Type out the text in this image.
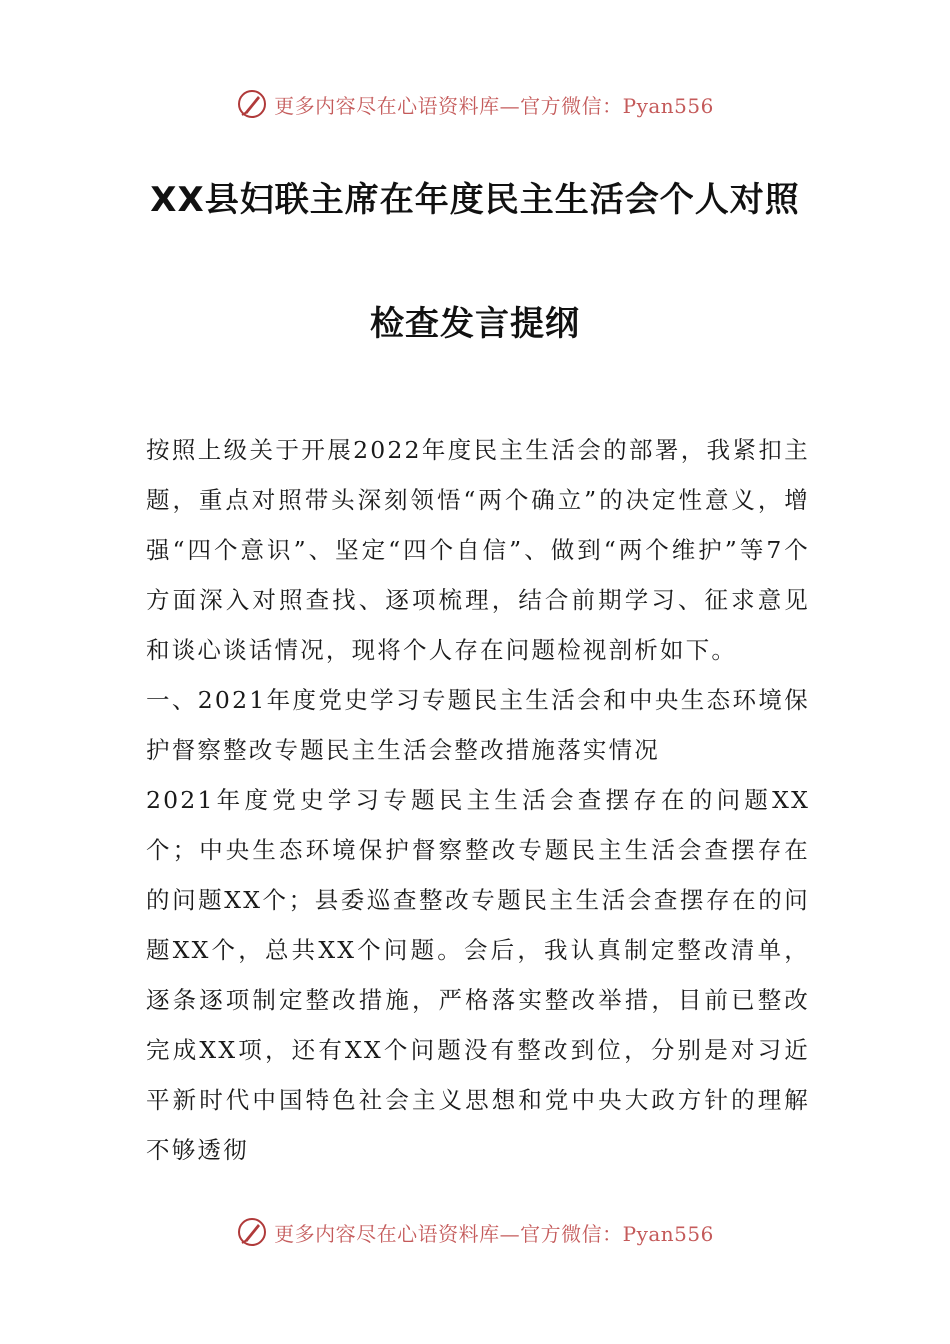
更多内容尽在心语资料库—官方微信：Pyan556
XX县妇联主席在年度民主生活会个人对照
检查发言提纲

按照上级关于开展2022年度民主生活会的部署，我紧扣主题，重点对照带头深刻领悟“两个确立”的决定性意义，增强“四个意识”、坚定“四个自信”、做到“两个维护”等7个方面深入对照查找、逐项梳理，结合前期学习、征求意见和谈心谈话情况，现将个人存在问题检视剖析如下。

一、2021年度党史学习专题民主生活会和中央生态环境保护督察整改专题民主生活会整改措施落实情况

2021年度党史学习专题民主生活会查摆存在的问题XX个；中央生态环境保护督察整改专题民主生活会查摆存在的问题XX个；县委巡查整改专题民主生活会查摆存在的问题XX个，总共XX个问题。会后，我认真制定整改清单，逐条逐项制定整改措施，严格落实整改举措，目前已整改完成XX项，还有XX个问题没有整改到位，分别是对习近平新时代中国特色社会主义思想和党中央大政方针的理解不够透彻

更多内容尽在心语资料库—官方微信：Pyan556
